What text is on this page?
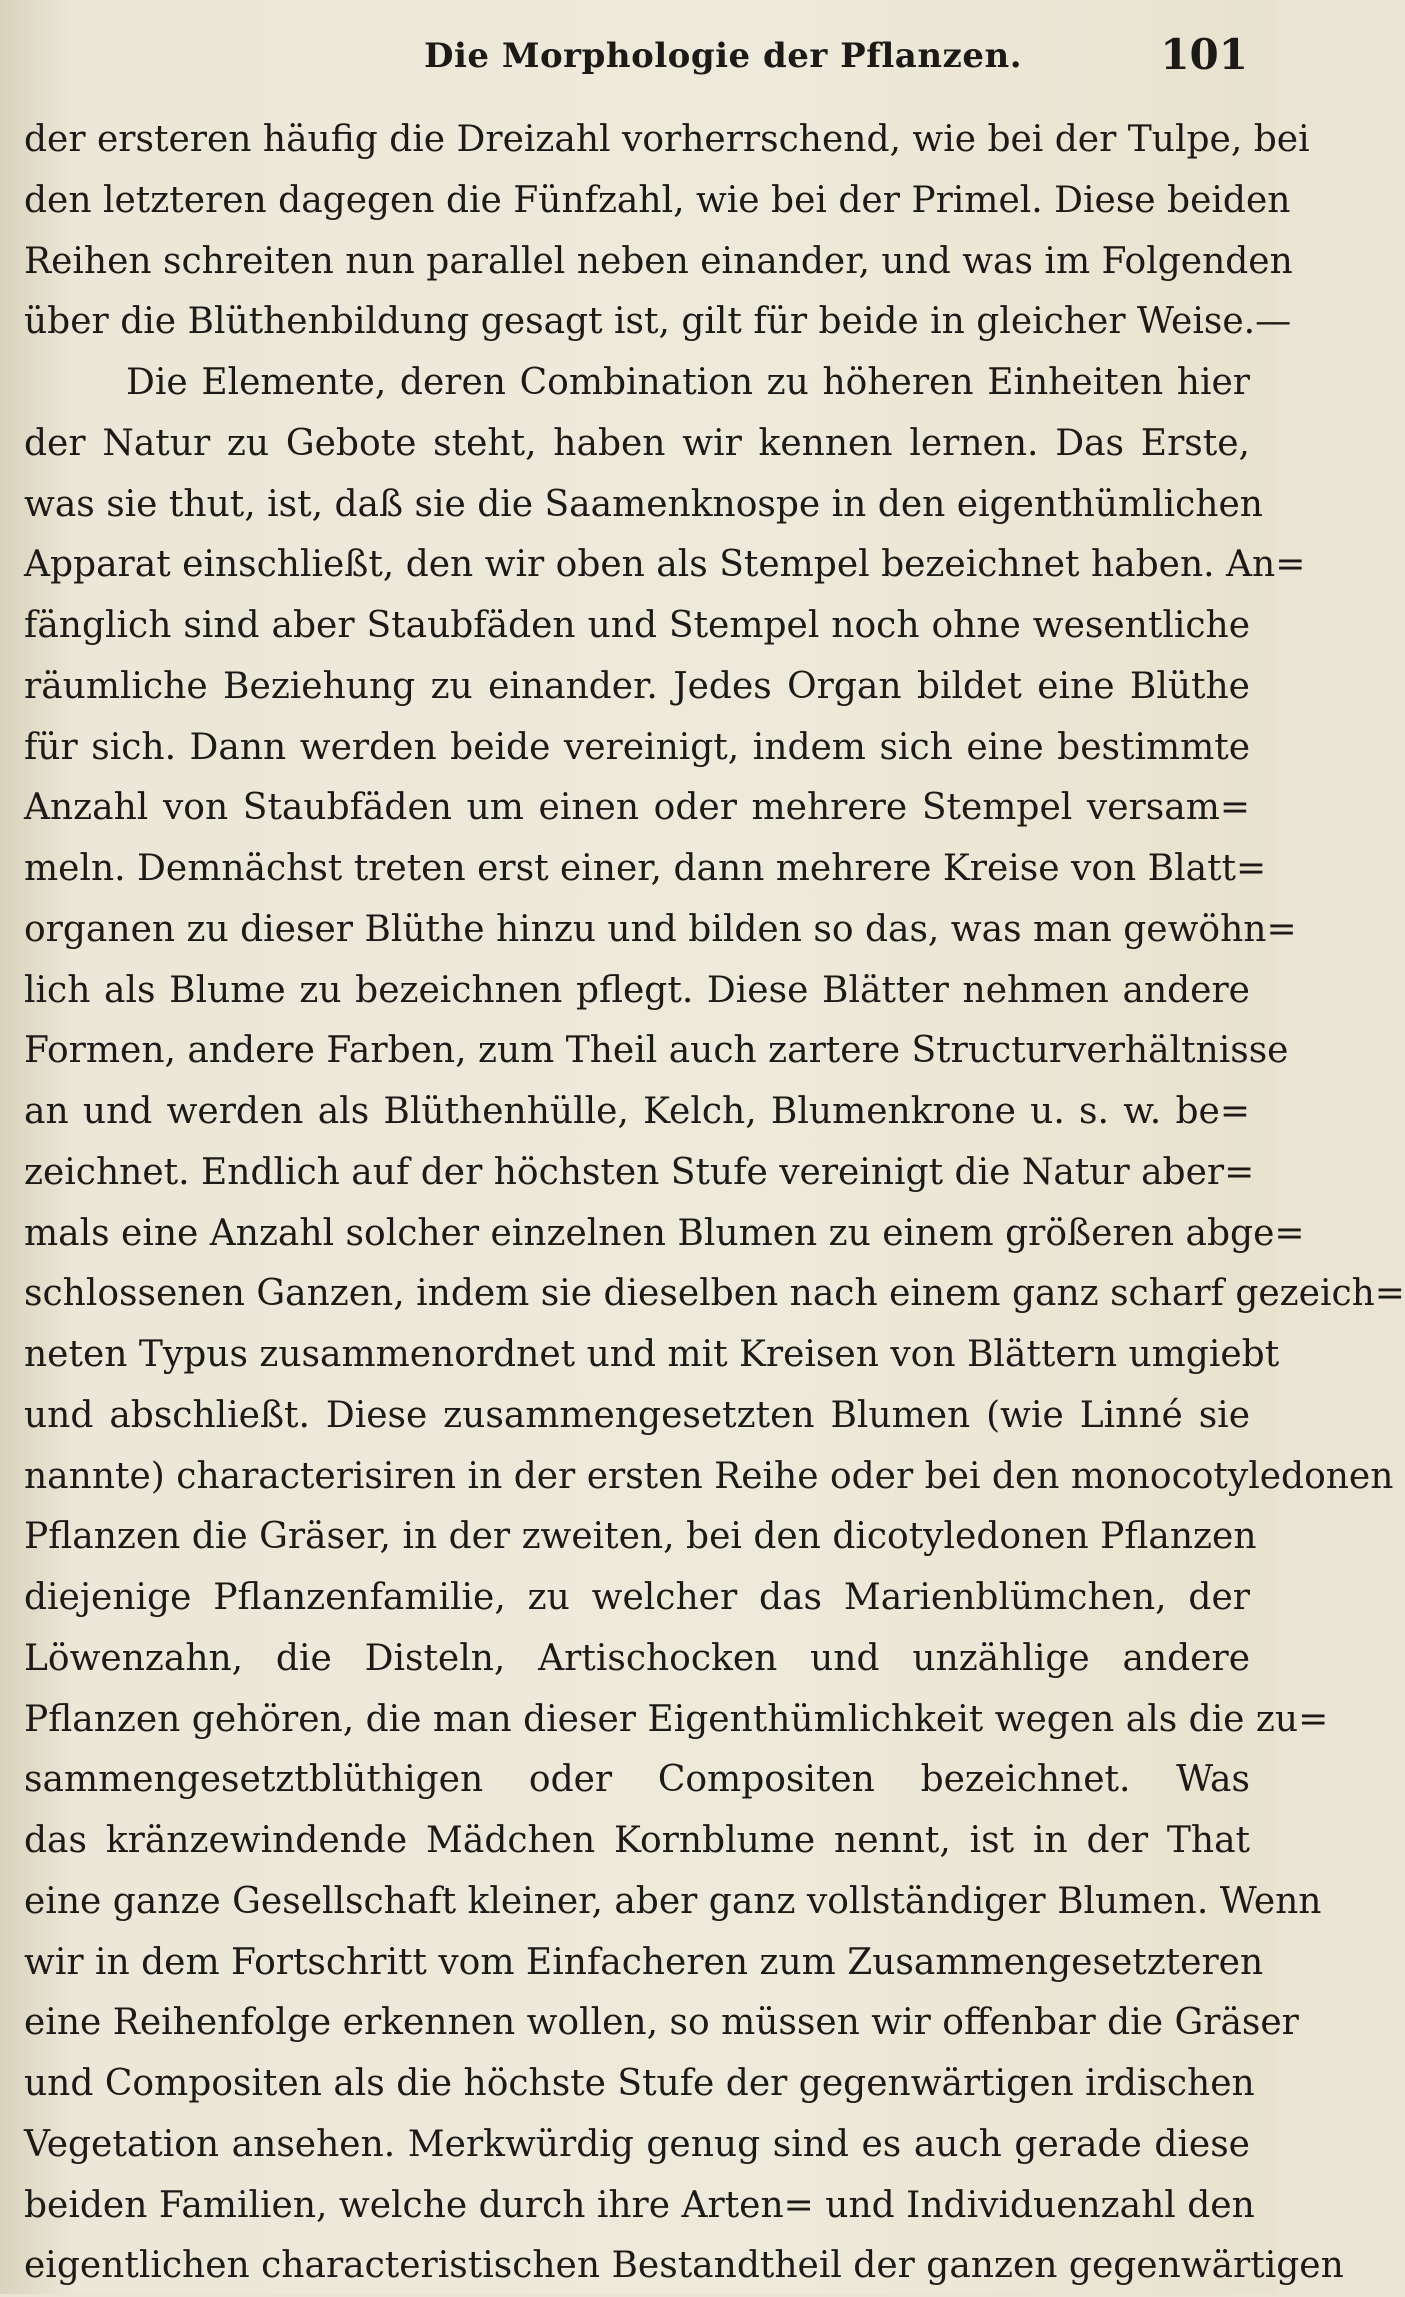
Die Morphologie der Pflanzen.	101
der ersteren häufig die Dreizahl vorherrschend, wie bei der Tulpe, bei
den letzteren dagegen die Fünfzahl, wie bei der Primel. Diese beiden
Reihen schreiten nun parallel neben einander, und was im Folgenden
über die Blüthenbildung gesagt ist, gilt für beide in gleicher Weise.—
Die Elemente, deren Combination zu höheren Einheiten hier
der Natur zu Gebote steht, haben wir kennen lernen. Das Erste,
was sie thut, ist, daß sie die Saamenknospe in den eigenthümlichen
Apparat einschließt, den wir oben als Stempel bezeichnet haben. An=
fänglich sind aber Staubfäden und Stempel noch ohne wesentliche
räumliche Beziehung zu einander. Jedes Organ bildet eine Blüthe
für sich. Dann werden beide vereinigt, indem sich eine bestimmte
Anzahl von Staubfäden um einen oder mehrere Stempel versam=
meln. Demnächst treten erst einer, dann mehrere Kreise von Blatt=
organen zu dieser Blüthe hinzu und bilden so das, was man gewöhn=
lich als Blume zu bezeichnen pflegt. Diese Blätter nehmen andere
Formen, andere Farben, zum Theil auch zartere Structurverhältnisse
an und werden als Blüthenhülle, Kelch, Blumenkrone u. s. w. be=
zeichnet. Endlich auf der höchsten Stufe vereinigt die Natur aber=
mals eine Anzahl solcher einzelnen Blumen zu einem größeren abge=
schlossenen Ganzen, indem sie dieselben nach einem ganz scharf gezeich=
neten Typus zusammenordnet und mit Kreisen von Blättern umgiebt
und abschließt. Diese zusammengesetzten Blumen (wie Linné sie
nannte) characterisiren in der ersten Reihe oder bei den monocotyledonen
Pflanzen die Gräser, in der zweiten, bei den dicotyledonen Pflanzen
diejenige Pflanzenfamilie, zu welcher das Marienblümchen, der
Löwenzahn, die Disteln, Artischocken und unzählige andere
Pflanzen gehören, die man dieser Eigenthümlichkeit wegen als die zu=
sammengesetztblüthigen oder Compositen bezeichnet. Was
das kränzewindende Mädchen Kornblume nennt, ist in der That
eine ganze Gesellschaft kleiner, aber ganz vollständiger Blumen. Wenn
wir in dem Fortschritt vom Einfacheren zum Zusammengesetzteren
eine Reihenfolge erkennen wollen, so müssen wir offenbar die Gräser
und Compositen als die höchste Stufe der gegenwärtigen irdischen
Vegetation ansehen. Merkwürdig genug sind es auch gerade diese
beiden Familien, welche durch ihre Arten= und Individuenzahl den
eigentlichen characteristischen Bestandtheil der ganzen gegenwärtigen
